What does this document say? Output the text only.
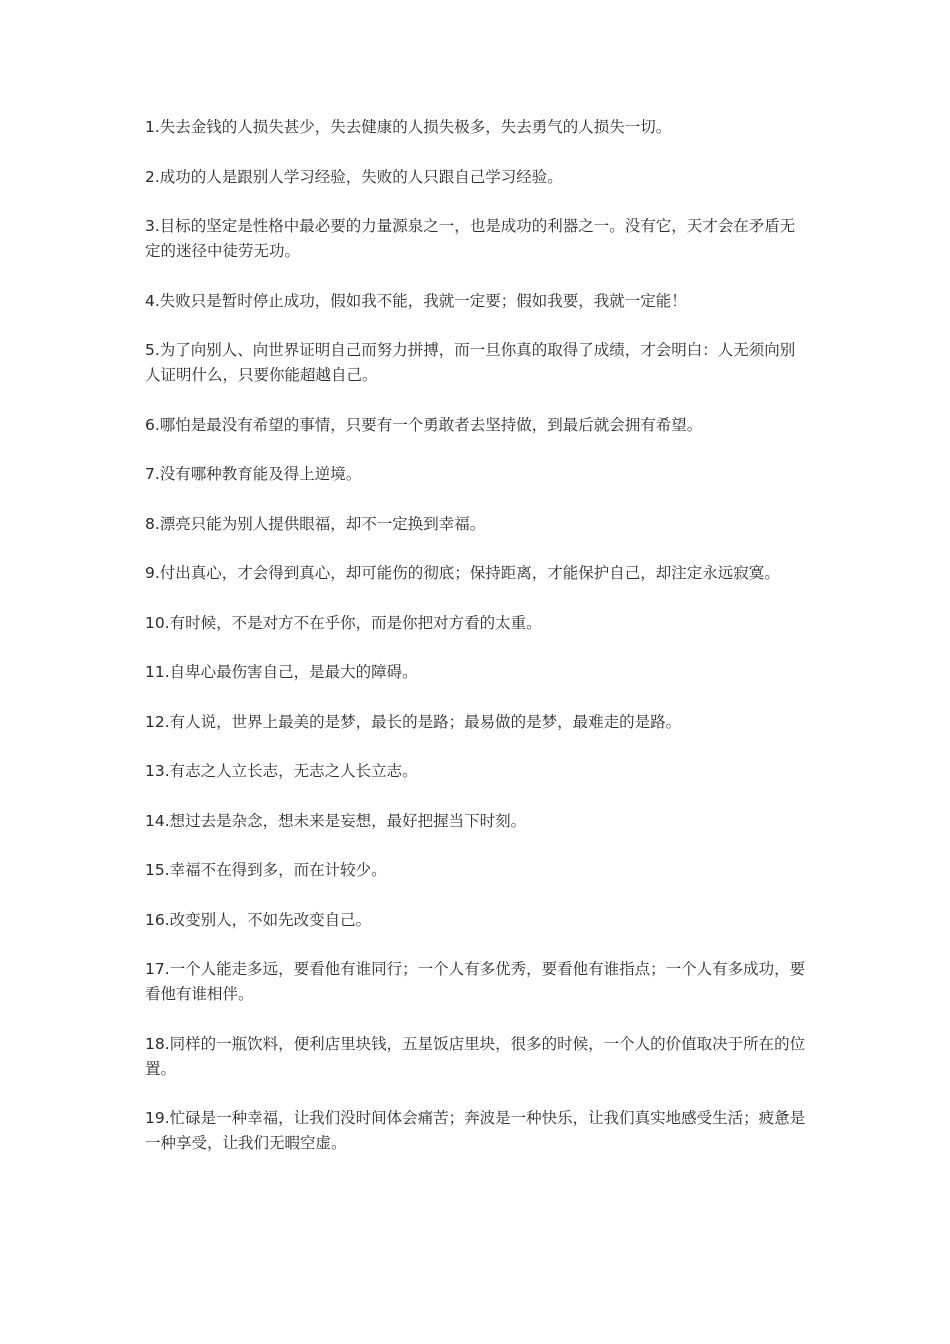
1.失去金钱的人损失甚少，失去健康的人损失极多，失去勇气的人损失一切。

2.成功的人是跟别人学习经验，失败的人只跟自己学习经验。

3.目标的坚定是性格中最必要的力量源泉之一，也是成功的利器之一。没有它，天才会在矛盾无定的迷径中徒劳无功。

4.失败只是暂时停止成功，假如我不能，我就一定要；假如我要，我就一定能！

5.为了向别人、向世界证明自己而努力拼搏，而一旦你真的取得了成绩，才会明白：人无须向别人证明什么，只要你能超越自己。

6.哪怕是最没有希望的事情，只要有一个勇敢者去坚持做，到最后就会拥有希望。

7.没有哪种教育能及得上逆境。

8.漂亮只能为别人提供眼福，却不一定换到幸福。

9.付出真心，才会得到真心，却可能伤的彻底；保持距离，才能保护自己，却注定永远寂寞。

10.有时候，不是对方不在乎你，而是你把对方看的太重。

11.自卑心最伤害自己，是最大的障碍。

12.有人说，世界上最美的是梦，最长的是路；最易做的是梦，最难走的是路。

13.有志之人立长志，无志之人长立志。

14.想过去是杂念，想未来是妄想，最好把握当下时刻。

15.幸福不在得到多，而在计较少。

16.改变别人，不如先改变自己。

17.一个人能走多远，要看他有谁同行；一个人有多优秀，要看他有谁指点；一个人有多成功，要看他有谁相伴。

18.同样的一瓶饮料，便利店里块钱，五星饭店里块，很多的时候，一个人的价值取决于所在的位置。

19.忙碌是一种幸福，让我们没时间体会痛苦；奔波是一种快乐，让我们真实地感受生活；疲惫是一种享受，让我们无暇空虚。
